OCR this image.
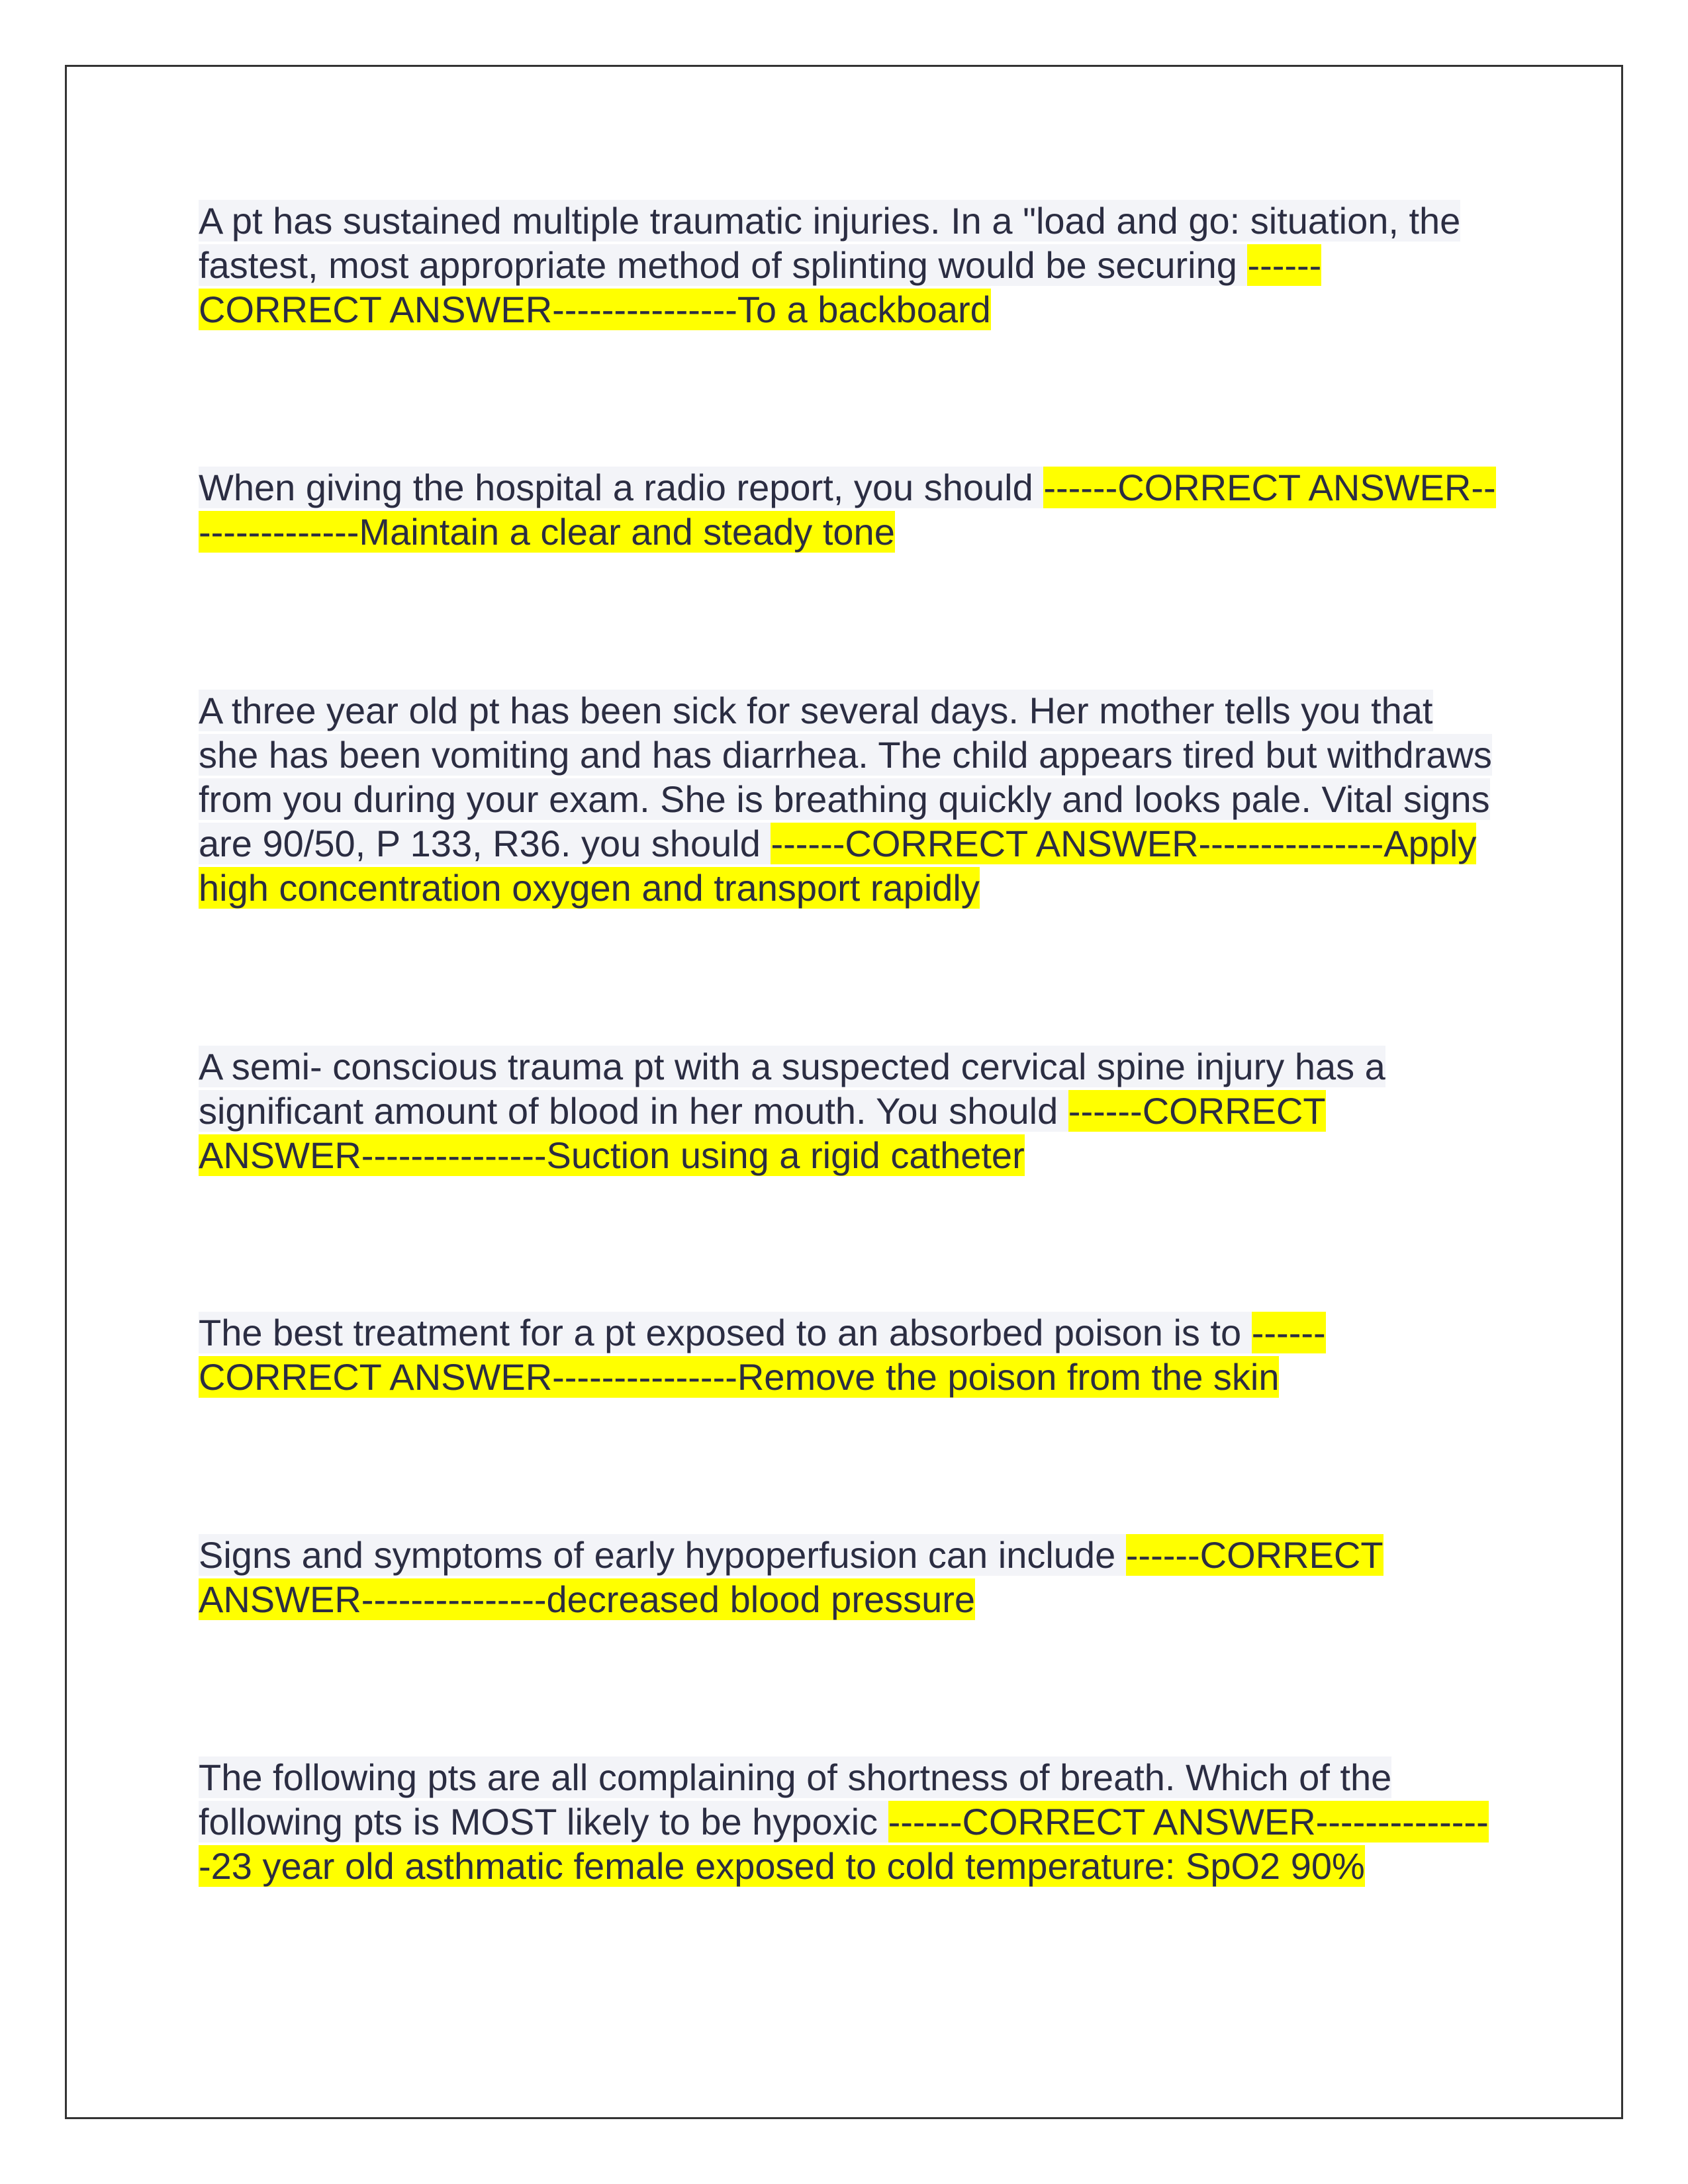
A pt has sustained multiple traumatic injuries. In a "load and go: situation, the fastest, most appropriate method of splinting would be securing ------CORRECT ANSWER---------------To a backboard

When giving the hospital a radio report, you should ------CORRECT ANSWER---------------Maintain a clear and steady tone

A three year old pt has been sick for several days. Her mother tells you that she has been vomiting and has diarrhea. The child appears tired but withdraws from you during your exam. She is breathing quickly and looks pale. Vital signs are 90/50, P 133, R36. you should ------CORRECT ANSWER---------------Apply high concentration oxygen and transport rapidly

A semi- conscious trauma pt with a suspected cervical spine injury has a significant amount of blood in her mouth. You should ------CORRECT ANSWER---------------Suction using a rigid catheter

The best treatment for a pt exposed to an absorbed poison is to ------CORRECT ANSWER---------------Remove the poison from the skin

Signs and symptoms of early hypoperfusion can include ------CORRECT ANSWER---------------decreased blood pressure

The following pts are all complaining of shortness of breath. Which of the following pts is MOST likely to be hypoxic ------CORRECT ANSWER---------------23 year old asthmatic female exposed to cold temperature: SpO2 90%
